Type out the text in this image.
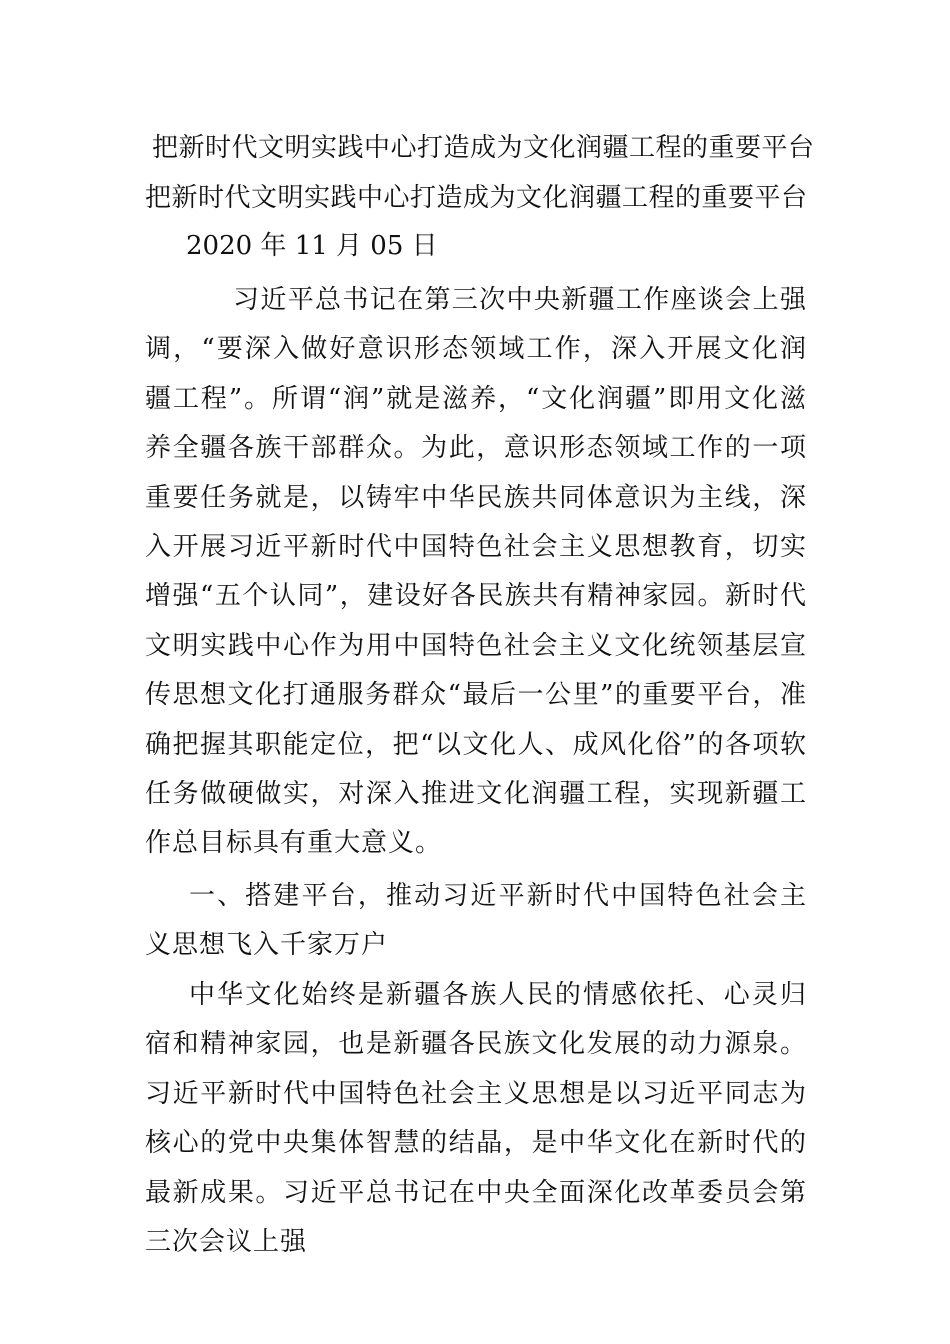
把新时代文明实践中心打造成为文化润疆工程的重要平台
把新时代文明实践中心打造成为文化润疆工程的重要平台
2020 年 11 月 05 日

习近平总书记在第三次中央新疆工作座谈会上强调，“要深入做好意识形态领域工作，深入开展文化润疆工程”。所谓“润”就是滋养，“文化润疆”即用文化滋养全疆各族干部群众。为此，意识形态领域工作的一项重要任务就是，以铸牢中华民族共同体意识为主线，深入开展习近平新时代中国特色社会主义思想教育，切实增强“五个认同”，建设好各民族共有精神家园。新时代文明实践中心作为用中国特色社会主义文化统领基层宣传思想文化打通服务群众“最后一公里”的重要平台，准确把握其职能定位，把“以文化人、成风化俗”的各项软任务做硬做实，对深入推进文化润疆工程，实现新疆工作总目标具有重大意义。

一、搭建平台，推动习近平新时代中国特色社会主义思想飞入千家万户

中华文化始终是新疆各族人民的情感依托、心灵归宿和精神家园，也是新疆各民族文化发展的动力源泉。习近平新时代中国特色社会主义思想是以习近平同志为核心的党中央集体智慧的结晶，是中华文化在新时代的最新成果。习近平总书记在中央全面深化改革委员会第三次会议上强
